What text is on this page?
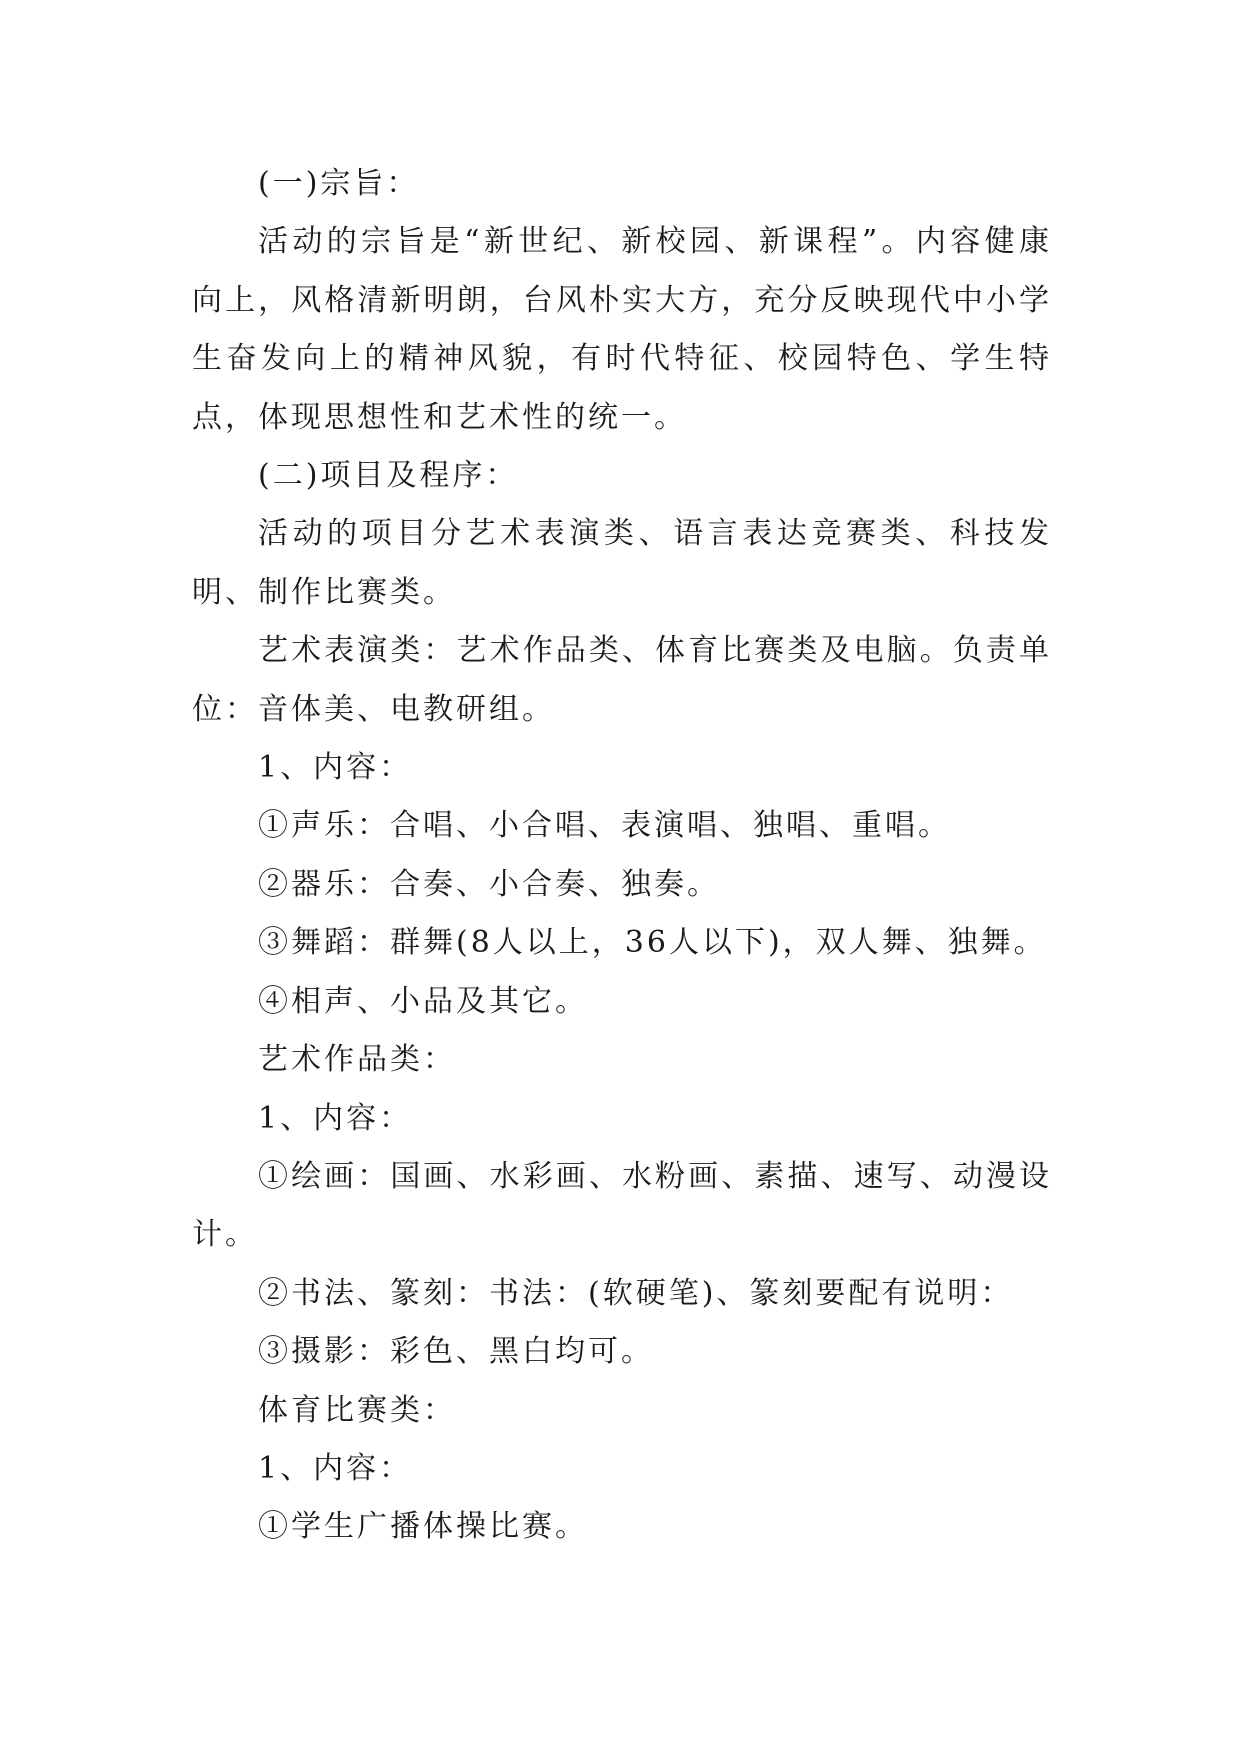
(一)宗旨：

活动的宗旨是“新世纪、新校园、新课程”。内容健康向上，风格清新明朗，台风朴实大方，充分反映现代中小学生奋发向上的精神风貌，有时代特征、校园特色、学生特点，体现思想性和艺术性的统一。

(二)项目及程序：

活动的项目分艺术表演类、语言表达竞赛类、科技发明、制作比赛类。

艺术表演类：艺术作品类、体育比赛类及电脑。负责单位：音体美、电教研组。

1、内容：

①声乐：合唱、小合唱、表演唱、独唱、重唱。

②器乐：合奏、小合奏、独奏。

③舞蹈：群舞(8人以上，36人以下)，双人舞、独舞。

④相声、小品及其它。

艺术作品类：

1、内容：

①绘画：国画、水彩画、水粉画、素描、速写、动漫设计。

②书法、篆刻：书法：(软硬笔)、篆刻要配有说明：

③摄影：彩色、黑白均可。

体育比赛类：

1、内容：

①学生广播体操比赛。
